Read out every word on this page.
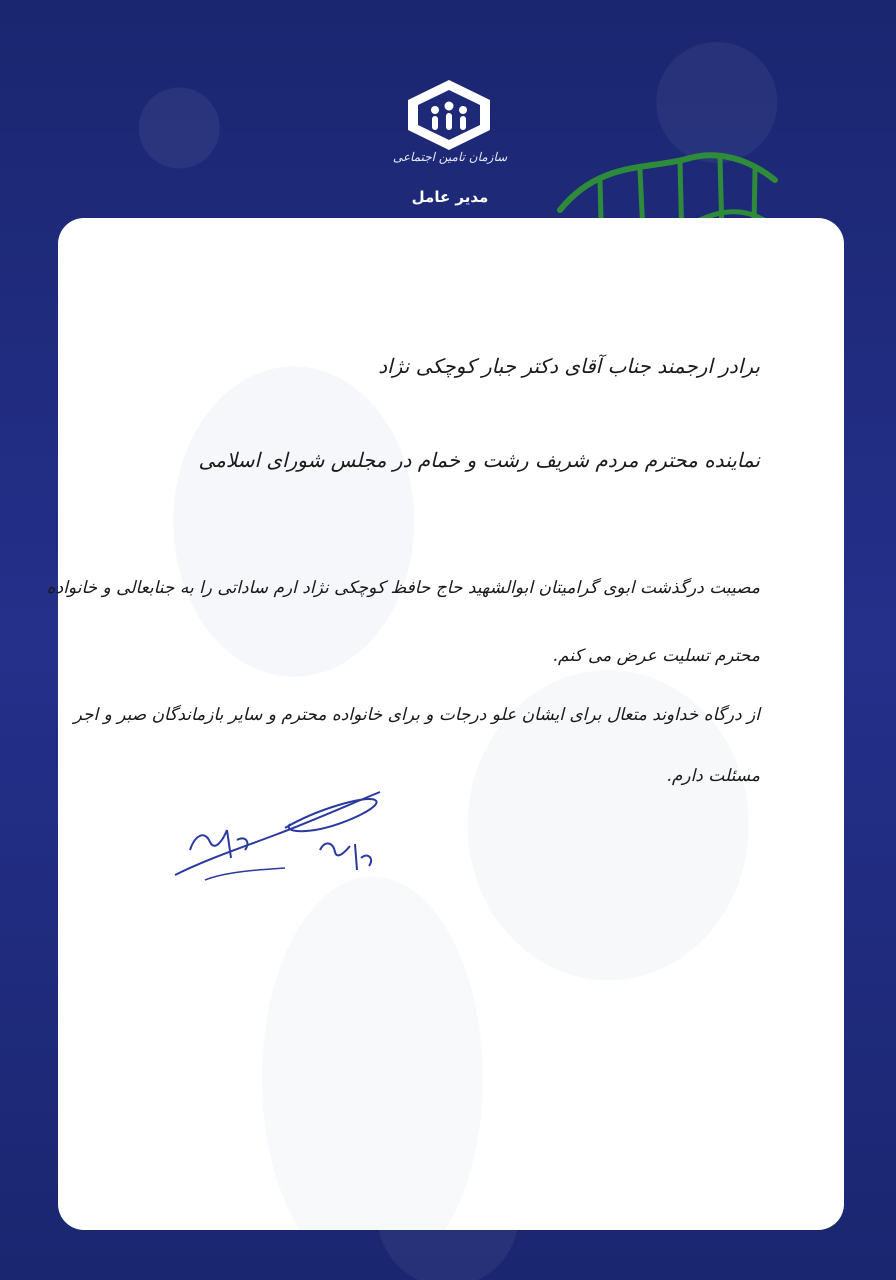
سازمان تامین اجتماعی
مدیر عامل
برادر ارجمند جناب آقای دکتر جبار کوچکی نژاد
نماینده محترم مردم شریف رشت و خمام در مجلس شورای اسلامی
مصیبت درگذشت ابوی گرامیتان ابوالشهید حاج حافظ کوچکی نژاد ارم ساداتی را به جنابعالی و خانواده
محترم تسلیت عرض می کنم.
از درگاه خداوند متعال برای ایشان علو درجات و برای خانواده محترم و سایر بازماندگان صبر و اجر
مسئلت دارم.
